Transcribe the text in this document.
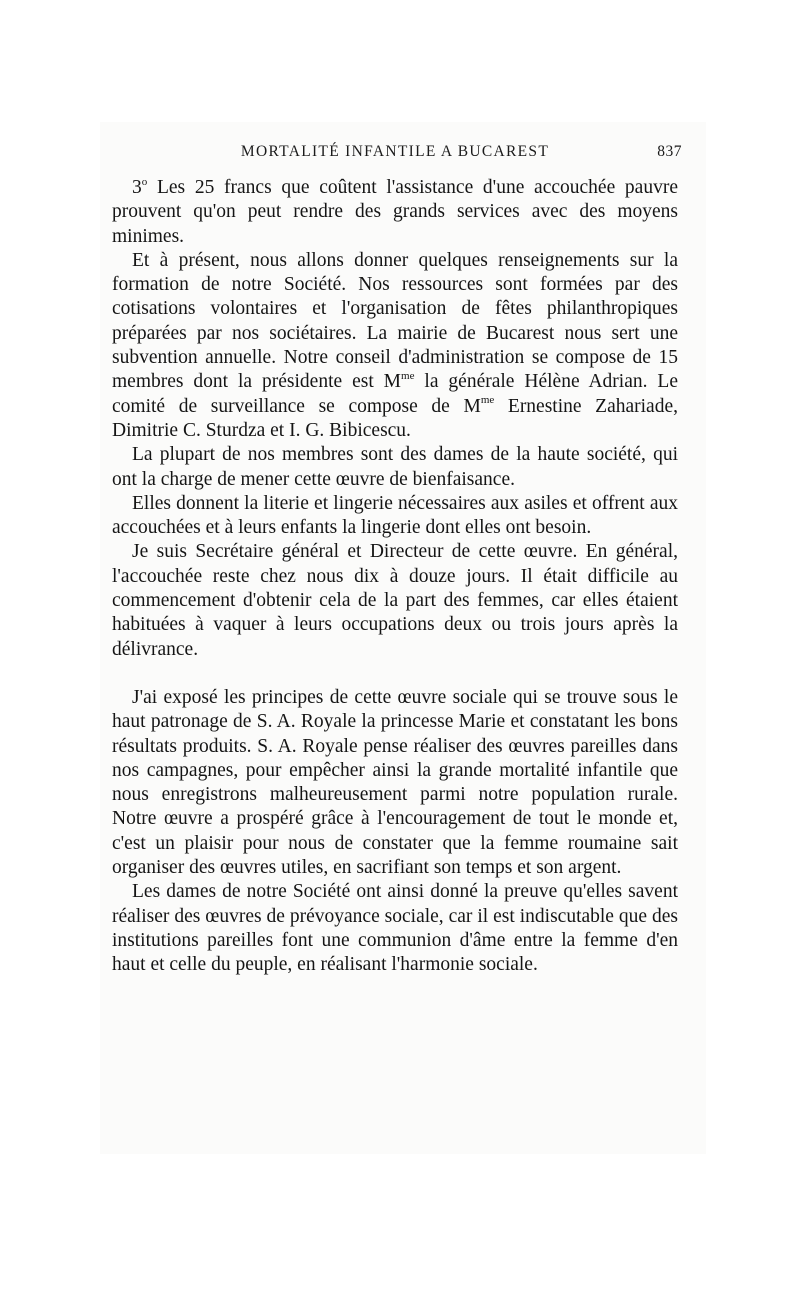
MORTALITÉ INFANTILE A BUCAREST	837

3$^o$ Les 25 francs que coûtent l'assistance d'une accouchée pauvre prouvent qu'on peut rendre des grands services avec des moyens minimes.

Et à présent, nous allons donner quelques renseignements sur la formation de notre Société. Nos ressources sont formées par des cotisations volontaires et l'organisation de fêtes philanthropiques préparées par nos sociétaires. La mairie de Bucarest nous sert une subvention annuelle. Notre conseil d'administration se compose de 15 membres dont la présidente est $M^{me}$ la générale Hélène Adrian. Le comité de surveillance se compose de $M^{me}$ Ernestine Zahariade, Dimitrie C. Sturdza et I. G. Bibicescu.

La plupart de nos membres sont des dames de la haute société, qui ont la charge de mener cette œuvre de bienfaisance.

Elles donnent la literie et lingerie nécessaires aux asiles et offrent aux accouchées et à leurs enfants la lingerie dont elles ont besoin.

Je suis Secrétaire général et Directeur de cette œuvre. En général, l'accouchée reste chez nous dix à douze jours. Il était difficile au commencement d'obtenir cela de la part des femmes, car elles étaient habituées à vaquer à leurs occupations deux ou trois jours après la délivrance.

J'ai exposé les principes de cette œuvre sociale qui se trouve sous le haut patronage de S. A. Royale la princesse Marie et constatant les bons résultats produits. S. A. Royale pense réaliser des œuvres pareilles dans nos campagnes, pour empêcher ainsi la grande mortalité infantile que nous enregistrons malheureusement parmi notre population rurale. Notre œuvre a prospéré grâce à l'encouragement de tout le monde et, c'est un plaisir pour nous de constater que la femme roumaine sait organiser des œuvres utiles, en sacrifiant son temps et son argent.

Les dames de notre Société ont ainsi donné la preuve qu'elles savent réaliser des œuvres de prévoyance sociale, car il est indiscutable que des institutions pareilles font une communion d'âme entre la femme d'en haut et celle du peuple, en réalisant l'harmonie sociale.
